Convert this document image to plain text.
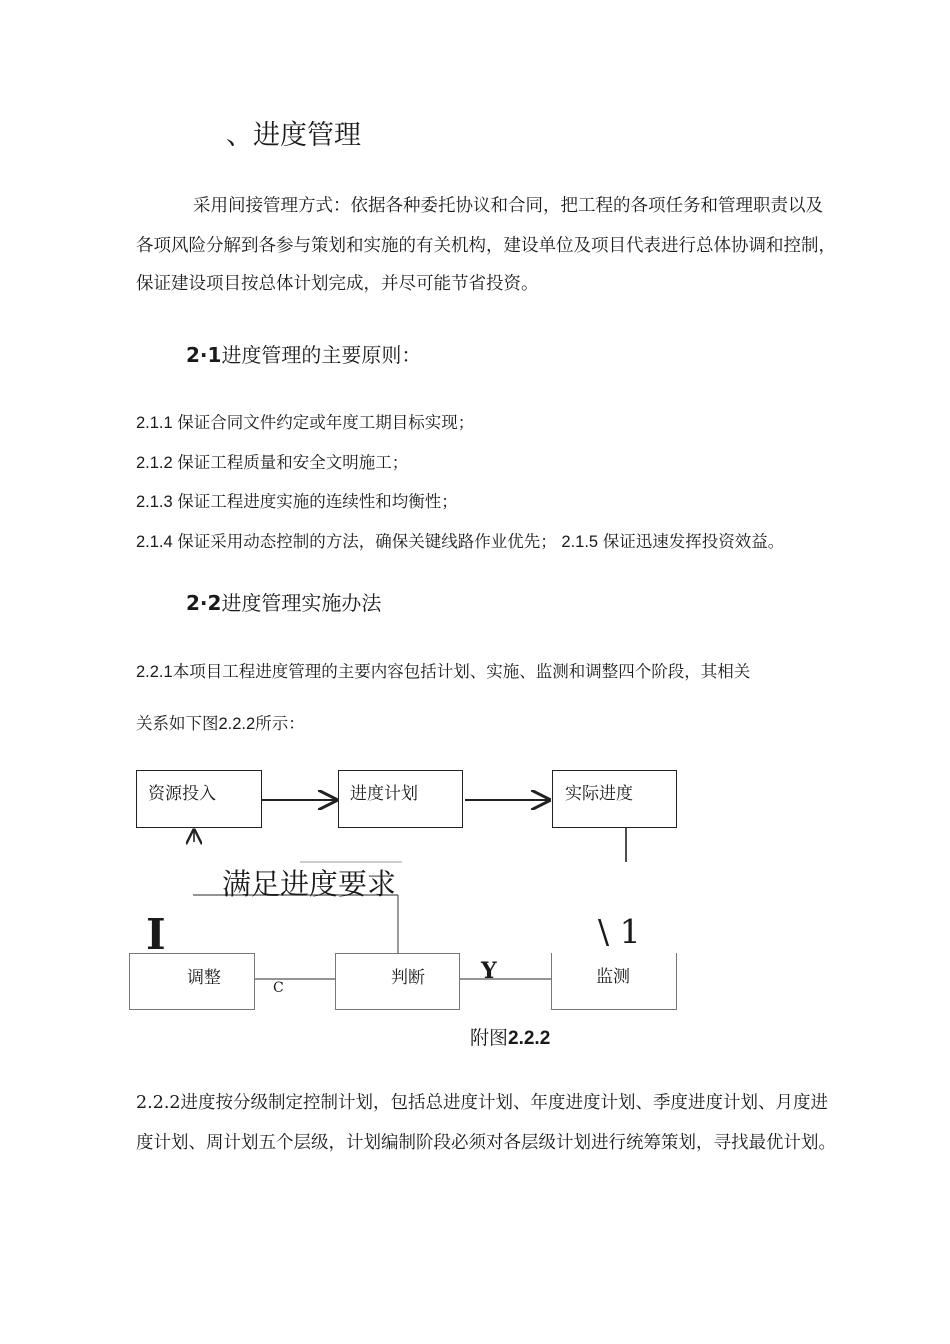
、进度管理
采用间接管理方式：依据各种委托协议和合同，把工程的各项任务和管理职责以及
各项风险分解到各参与策划和实施的有关机构，建设单位及项目代表进行总体协调和控制，
保证建设项目按总体计划完成，并尽可能节省投资。
2·1进度管理的主要原则：
2.1.1 保证合同文件约定或年度工期目标实现；
2.1.2 保证工程质量和安全文明施工；
2.1.3 保证工程进度实施的连续性和均衡性；
2.1.4 保证采用动态控制的方法，确保关键线路作业优先； 2.1.5 保证迅速发挥投资效益。
2·2进度管理实施办法
2.2.1本项目工程进度管理的主要内容包括计划、实施、监测和调整四个阶段，其相关
关系如下图2.2.2所示：
资源投入	进度计划	实际进度
满足进度要求
调整	判断	监测
I	\ 1
C
Y
附图2.2.2
2.2.2进度按分级制定控制计划，包括总进度计划、年度进度计划、季度进度计划、月度进
度计划、周计划五个层级，计划编制阶段必须对各层级计划进行统筹策划，寻找最优计划。
